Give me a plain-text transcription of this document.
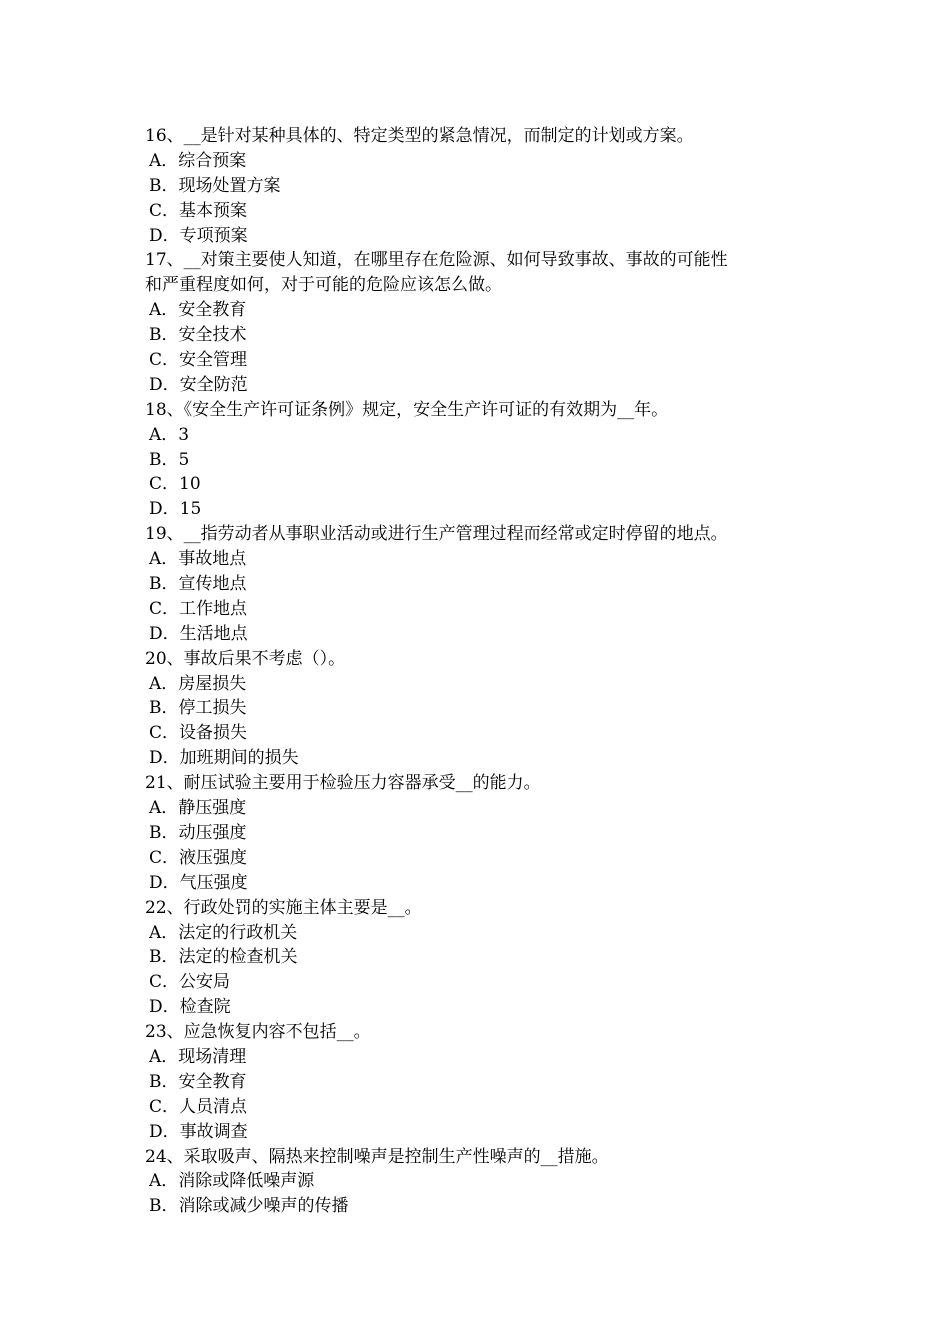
16、__是针对某种具体的、特定类型的紧急情况，而制定的计划或方案。
A．综合预案
B．现场处置方案
C．基本预案
D．专项预案
17、__对策主要使人知道，在哪里存在危险源、如何导致事故、事故的可能性
和严重程度如何，对于可能的危险应该怎么做。
A．安全教育
B．安全技术
C．安全管理
D．安全防范
18、《安全生产许可证条例》规定，安全生产许可证的有效期为__年。
A．3
B．5
C．10
D．15
19、__指劳动者从事职业活动或进行生产管理过程而经常或定时停留的地点。
A．事故地点
B．宣传地点
C．工作地点
D．生活地点
20、事故后果不考虑（）。
A．房屋损失
B．停工损失
C．设备损失
D．加班期间的损失
21、耐压试验主要用于检验压力容器承受__的能力。
A．静压强度
B．动压强度
C．液压强度
D．气压强度
22、行政处罚的实施主体主要是__。
A．法定的行政机关
B．法定的检查机关
C．公安局
D．检查院
23、应急恢复内容不包括__。
A．现场清理
B．安全教育
C．人员清点
D．事故调查
24、采取吸声、隔热来控制噪声是控制生产性噪声的__措施。
A．消除或降低噪声源
B．消除或减少噪声的传播
